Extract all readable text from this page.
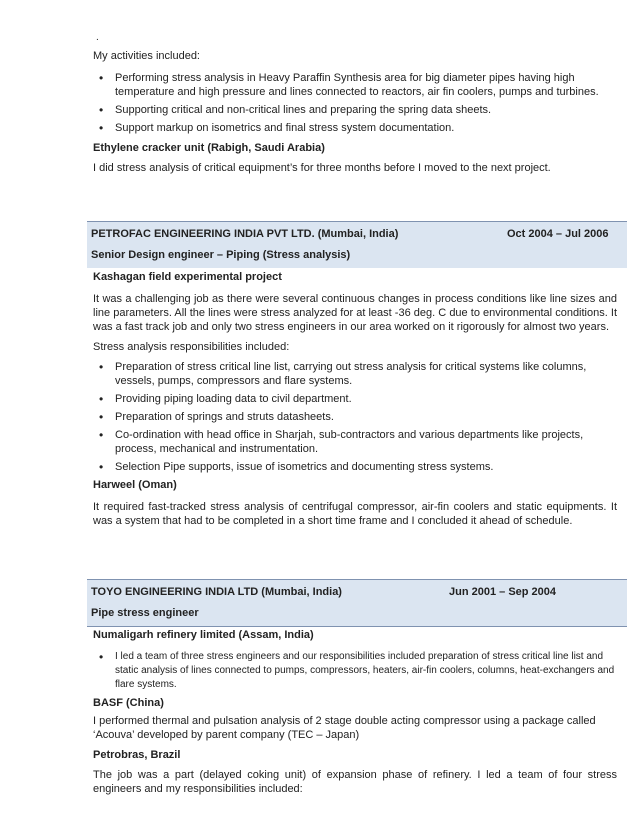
.

My activities included:

• Performing stress analysis in Heavy Paraffin Synthesis area for big diameter pipes having high temperature and high pressure and lines connected to reactors, air fin coolers, pumps and turbines.
• Supporting critical and non-critical lines and preparing the spring data sheets.
• Support markup on isometrics and final stress system documentation.

Ethylene cracker unit (Rabigh, Saudi Arabia)

I did stress analysis of critical equipment’s for three months before I moved to the next project.

PETROFAC ENGINEERING INDIA PVT LTD. (Mumbai, India)	Oct 2004 – Jul 2006
Senior Design engineer – Piping (Stress analysis)

Kashagan field experimental project

It was a challenging job as there were several continuous changes in process conditions like line sizes and line parameters. All the lines were stress analyzed for at least -36 deg. C due to environmental conditions. It was a fast track job and only two stress engineers in our area worked on it rigorously for almost two years.

Stress analysis responsibilities included:

• Preparation of stress critical line list, carrying out stress analysis for critical systems like columns, vessels, pumps, compressors and flare systems.
• Providing piping loading data to civil department.
• Preparation of springs and struts datasheets.
• Co-ordination with head office in Sharjah, sub-contractors and various departments like projects, process, mechanical and instrumentation.
• Selection Pipe supports, issue of isometrics and documenting stress systems.

Harweel (Oman)

It required fast-tracked stress analysis of centrifugal compressor, air-fin coolers and static equipments. It was a system that had to be completed in a short time frame and I concluded it ahead of schedule.

TOYO ENGINEERING INDIA LTD (Mumbai, India)	Jun 2001 – Sep 2004
Pipe stress engineer

Numaligarh refinery limited (Assam, India)

• I led a team of three stress engineers and our responsibilities included preparation of stress critical line list and static analysis of lines connected to pumps, compressors, heaters, air-fin coolers, columns, heat-exchangers and flare systems.

BASF (China)

I performed thermal and pulsation analysis of 2 stage double acting compressor using a package called ‘Acouva’ developed by parent company (TEC – Japan)

Petrobras, Brazil

The job was a part (delayed coking unit) of expansion phase of refinery. I led a team of four stress engineers and my responsibilities included:
